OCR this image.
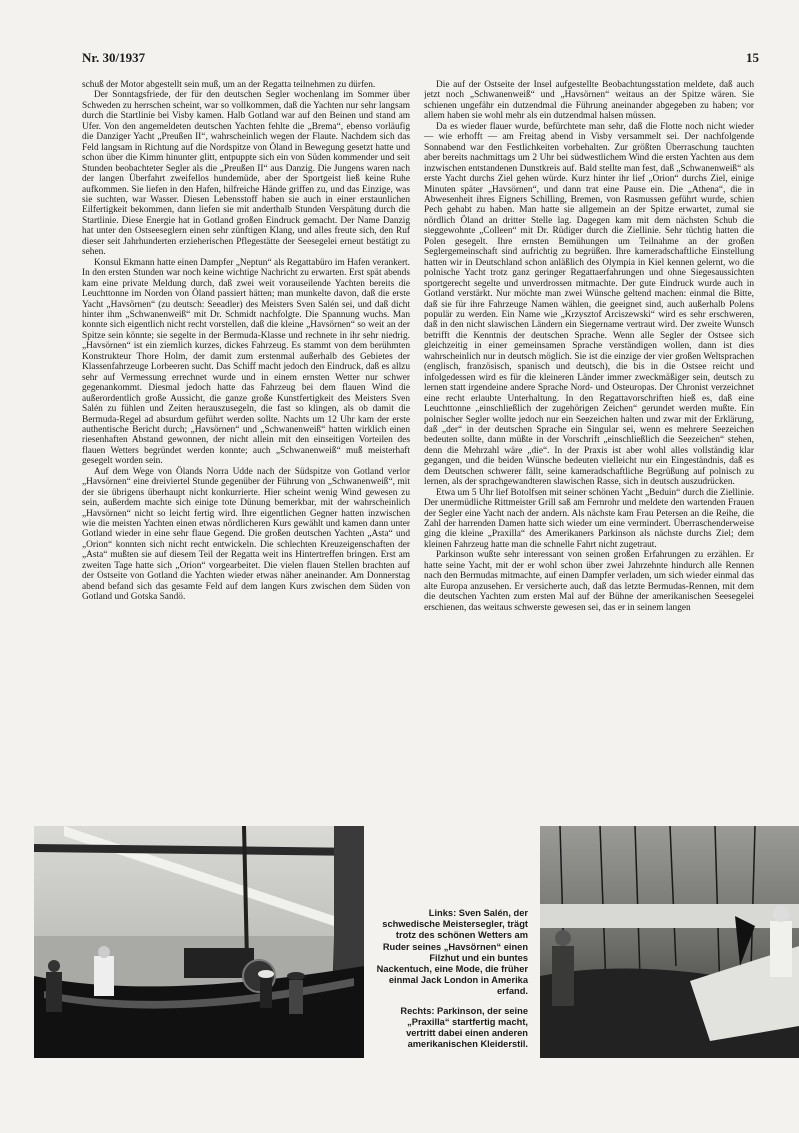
Nr. 30/1937	15

schuß der Motor abgestellt sein muß, um an der Regatta teilnehmen zu dürfen.

Der Sonntagsfriede, der für den deutschen Segler wochenlang im Sommer über Schweden zu herrschen scheint, war so vollkommen, daß die Yachten nur sehr langsam durch die Startlinie bei Visby kamen. Halb Gotland war auf den Beinen und stand am Ufer. Von den angemeldeten deutschen Yachten fehlte die „Brema“, ebenso vorläufig die Danziger Yacht „Preußen II“, wahrscheinlich wegen der Flaute. Nachdem sich das Feld langsam in Richtung auf die Nordspitze von Öland in Bewegung gesetzt hatte und schon über die Kimm hinunter glitt, entpuppte sich ein von Süden kommender und seit Stunden beobachteter Segler als die „Preußen II“ aus Danzig. Die Jungens waren nach der langen Überfahrt zweifellos hundemüde, aber der Sportgeist ließ keine Ruhe aufkommen. Sie liefen in den Hafen, hilfreiche Hände griffen zu, und das Einzige, was sie suchten, war Wasser. Diesen Lebensstoff haben sie auch in einer erstaunlichen Eilfertigkeit bekommen, dann liefen sie mit anderthalb Stunden Verspätung durch die Startlinie. Diese Energie hat in Gotland großen Eindruck gemacht. Der Name Danzig hat unter den Ostseeseglern einen sehr zünftigen Klang, und alles freute sich, den Ruf dieser seit Jahrhunderten erzieherischen Pflegestätte der Seesegelei erneut bestätigt zu sehen.

Konsul Ekmann hatte einen Dampfer „Neptun“ als Regattabüro im Hafen verankert. In den ersten Stunden war noch keine wichtige Nachricht zu erwarten. Erst spät abends kam eine private Meldung durch, daß zwei weit vorauseilende Yachten bereits die Leuchttonne im Norden von Öland passiert hätten; man munkelte davon, daß die erste Yacht „Havsörnen“ (zu deutsch: Seeadler) des Meisters Sven Salén sei, und daß dicht hinter ihm „Schwanenweiß“ mit Dr. Schmidt nachfolgte. Die Spannung wuchs. Man konnte sich eigentlich nicht recht vorstellen, daß die kleine „Havsörnen“ so weit an der Spitze sein könnte; sie segelte in der Bermuda-Klasse und rechnete in ihr sehr niedrig. „Havsörnen“ ist ein ziemlich kurzes, dickes Fahrzeug. Es stammt von dem berühmten Konstrukteur Thore Holm, der damit zum erstenmal außerhalb des Gebietes der Klassenfahrzeuge Lorbeeren sucht. Das Schiff macht jedoch den Eindruck, daß es allzu sehr auf Vermessung errechnet wurde und in einem ernsten Wetter nur schwer gegenankommt. Diesmal jedoch hatte das Fahrzeug bei dem flauen Wind die außerordentlich große Aussicht, die ganze große Kunstfertigkeit des Meisters Sven Salén zu fühlen und Zeiten herauszusegeln, die fast so klingen, als ob damit die Bermuda-Regel ad absurdum geführt werden sollte. Nachts um 12 Uhr kam der erste authentische Bericht durch; „Havsörnen“ und „Schwanenweiß“ hatten wirklich einen riesenhaften Abstand gewonnen, der nicht allein mit den einseitigen Vorteilen des flauen Wetters begründet werden konnte; auch „Schwanenweiß“ muß meisterhaft gesegelt worden sein.

Auf dem Wege von Ölands Norra Udde nach der Südspitze von Gotland verlor „Havsörnen“ eine dreiviertel Stunde gegenüber der Führung von „Schwanenweiß“, mit der sie übrigens überhaupt nicht konkurrierte. Hier scheint wenig Wind gewesen zu sein, außerdem machte sich einige tote Dünung bemerkbar, mit der wahrscheinlich „Havsörnen“ nicht so leicht fertig wird. Ihre eigentlichen Gegner hatten inzwischen wie die meisten Yachten einen etwas nördlicheren Kurs gewählt und kamen dann unter Gotland wieder in eine sehr flaue Gegend. Die großen deutschen Yachten „Asta“ und „Orion“ konnten sich nicht recht entwickeln. Die schlechten Kreuzeigenschaften der „Asta“ mußten sie auf diesem Teil der Regatta weit ins Hintertreffen bringen. Erst am zweiten Tage hatte sich „Orion“ vorgearbeitet. Die vielen flauen Stellen brachten auf der Ostseite von Gotland die Yachten wieder etwas näher aneinander. Am Donnerstag abend befand sich das gesamte Feld auf dem langen Kurs zwischen dem Süden von Gotland und Gotska Sandö.

Die auf der Ostseite der Insel aufgestellte Beobachtungsstation meldete, daß auch jetzt noch „Schwanenweiß“ und „Havsörnen“ weitaus an der Spitze wären. Sie schienen ungefähr ein dutzendmal die Führung aneinander abgegeben zu haben; vor allem haben sie wohl mehr als ein dutzendmal halsen müssen.

Da es wieder flauer wurde, befürchtete man sehr, daß die Flotte noch nicht wieder — wie erhofft — am Freitag abend in Visby versammelt sei. Der nachfolgende Sonnabend war den Festlichkeiten vorbehalten. Zur größten Überraschung tauchten aber bereits nachmittags um 2 Uhr bei südwestlichem Wind die ersten Yachten aus dem inzwischen entstandenen Dunstkreis auf. Bald stellte man fest, daß „Schwanenweiß“ als erste Yacht durchs Ziel gehen würde. Kurz hinter ihr lief „Orion“ durchs Ziel, einige Minuten später „Havsörnen“, und dann trat eine Pause ein. Die „Athena“, die in Abwesenheit ihres Eigners Schilling, Bremen, von Rasmussen geführt wurde, schien Pech gehabt zu haben. Man hatte sie allgemein an der Spitze erwartet, zumal sie nördlich Öland an dritter Stelle lag. Dagegen kam mit dem nächsten Schub die sieggewohnte „Colleen“ mit Dr. Rüdiger durch die Ziellinie. Sehr tüchtig hatten die Polen gesegelt. Ihre ernsten Bemühungen um Teilnahme an der großen Seglergemeinschaft sind aufrichtig zu begrüßen. Ihre kameradschaftliche Einstellung hatten wir in Deutschland schon anläßlich des Olympia in Kiel kennen gelernt, wo die polnische Yacht trotz ganz geringer Regattaerfahrungen und ohne Siegesaussichten sportgerecht segelte und unverdrossen mitmachte. Der gute Eindruck wurde auch in Gotland verstärkt. Nur möchte man zwei Wünsche geltend machen: einmal die Bitte, daß sie für ihre Fahrzeuge Namen wählen, die geeignet sind, auch außerhalb Polens populär zu werden. Ein Name wie „Krzysztof Arciszewski“ wird es sehr erschweren, daß in den nicht slawischen Ländern ein Siegername vertraut wird. Der zweite Wunsch betrifft die Kenntnis der deutschen Sprache. Wenn alle Segler der Ostsee sich gleichzeitig in einer gemeinsamen Sprache verständigen wollen, dann ist dies wahrscheinlich nur in deutsch möglich. Sie ist die einzige der vier großen Weltsprachen (englisch, französisch, spanisch und deutsch), die bis in die Ostsee reicht und infolgedessen wird es für die kleineren Länder immer zweckmäßiger sein, deutsch zu lernen statt irgendeine andere Sprache Nord- und Osteuropas. Der Chronist verzeichnet eine recht erlaubte Unterhaltung. In den Regattavorschriften hieß es, daß eine Leuchttonne „einschließlich der zugehörigen Zeichen“ gerundet werden mußte. Ein polnischer Segler wollte jedoch nur ein Seezeichen halten und zwar mit der Erklärung, daß „der“ in der deutschen Sprache ein Singular sei, wenn es mehrere Seezeichen bedeuten sollte, dann müßte in der Vorschrift „einschließlich die Seezeichen“ stehen, denn die Mehrzahl wäre „die“. In der Praxis ist aber wohl alles vollständig klar gegangen, und die beiden Wünsche bedeuten vielleicht nur ein Eingeständnis, daß es dem Deutschen schwerer fällt, seine kameradschaftliche Begrüßung auf polnisch zu lernen, als der sprachgewandteren slawischen Rasse, sich in deutsch auszudrücken.

Etwa um 5 Uhr lief Botolfsen mit seiner schönen Yacht „Beduin“ durch die Ziellinie. Der unermüdliche Rittmeister Grill saß am Fernrohr und meldete den wartenden Frauen der Segler eine Yacht nach der andern. Als nächste kam Frau Petersen an die Reihe, die Zahl der harrenden Damen hatte sich wieder um eine vermindert. Überraschenderweise ging die kleine „Praxilla“ des Amerikaners Parkinson als nächste durchs Ziel; dem kleinen Fahrzeug hatte man die schnelle Fahrt nicht zugetraut.

Parkinson wußte sehr interessant von seinen großen Erfahrungen zu erzählen. Er hatte seine Yacht, mit der er wohl schon über zwei Jahrzehnte hindurch alle Rennen nach den Bermudas mitmachte, auf einen Dampfer verladen, um sich wieder einmal das alte Europa anzusehen. Er versicherte auch, daß das letzte Bermudas-Rennen, mit dem die deutschen Yachten zum ersten Mal auf der Bühne der amerikanischen Seesegelei erschienen, das weitaus schwerste gewesen sei, das er in seinem langen

Links: Sven Salén, der schwedische Meistersegler, trägt trotz des schönen Wetters am Ruder seines „Havsörnen“ einen Filzhut und ein buntes Nackentuch, eine Mode, die früher einmal Jack London in Amerika erfand.

Rechts: Parkinson, der seine „Praxilla“ startfertig macht, vertritt dabei einen anderen amerikanischen Kleiderstil.
